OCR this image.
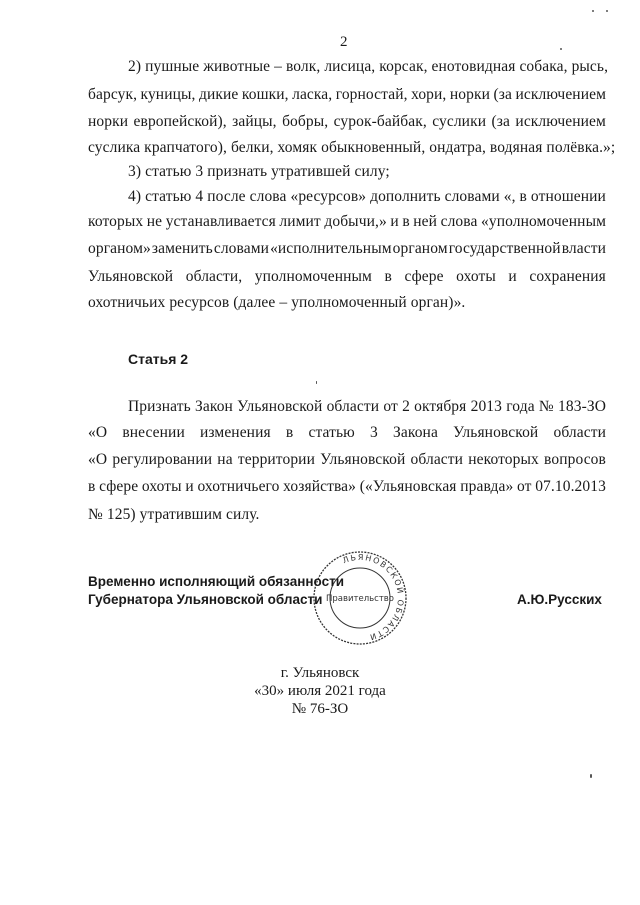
2
2) пушные животные – волк, лисица, корсак, енотовидная собака, рысь,
барсук, куницы, дикие кошки, ласка, горностай, хори, норки (за исключением
норки европейской), зайцы, бобры, сурок-байбак, суслики (за исключением
суслика крапчатого), белки, хомяк обыкновенный, ондатра, водяная полёвка.»;
3) статью 3 признать утратившей силу;
4) статью 4 после слова «ресурсов» дополнить словами «, в отношении
которых не устанавливается лимит добычи,» и в ней слова «уполномоченным
органом» заменить словами «исполнительным органом государственной власти
Ульяновской области, уполномоченным в сфере охоты и сохранения
охотничьих ресурсов (далее – уполномоченный орган)».
Статья 2
Признать Закон Ульяновской области от 2 октября 2013 года № 183-ЗО
«О внесении изменения в статью 3 Закона Ульяновской области
«О регулировании на территории Ульяновской области некоторых вопросов
в сфере охоты и охотничьего хозяйства» («Ульяновская правда» от 07.10.2013
№ 125) утратившим силу.
ЛЬЯНОВСКОЙ ОБЛАСТИ
Правительство
Временно исполняющий обязанности
Губернатора Ульяновской области	А.Ю.Русских
г. Ульяновск
«30» июля 2021 года
№ 76-ЗО
